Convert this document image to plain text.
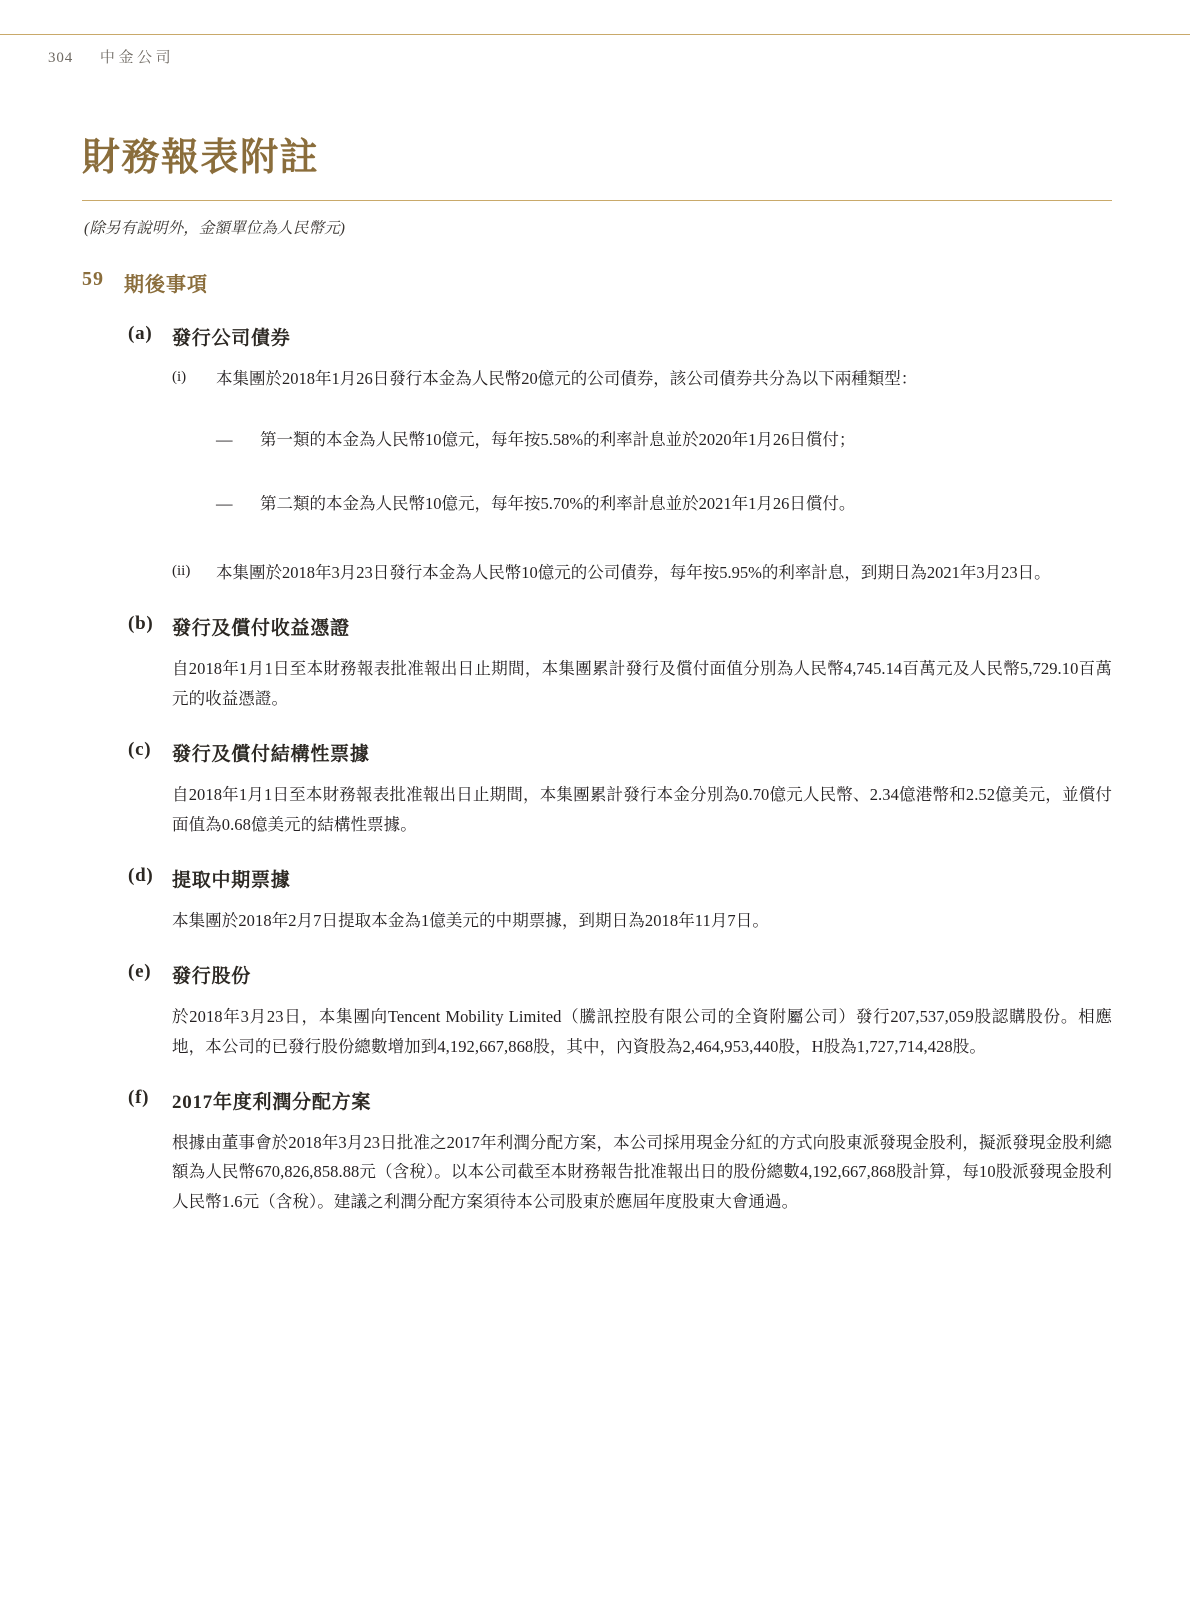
304 中金公司
財務報表附註
(除另有說明外，金額單位為人民幣元)
59	期後事項
(a)	發行公司債券
(i)	本集團於2018年1月26日發行本金為人民幣20億元的公司債券，該公司債券共分為以下兩種類型：
—	第一類的本金為人民幣10億元，每年按5.58%的利率計息並於2020年1月26日償付；
—	第二類的本金為人民幣10億元，每年按5.70%的利率計息並於2021年1月26日償付。
(ii)	本集團於2018年3月23日發行本金為人民幣10億元的公司債券，每年按5.95%的利率計息，到期日為2021年3月23日。
(b) 發行及償付收益憑證
自2018年1月1日至本財務報表批准報出日止期間，本集團累計發行及償付面值分別為人民幣4,745.14百萬元及人民幣5,729.10百萬元的收益憑證。
(c)	發行及償付結構性票據
自2018年1月1日至本財務報表批准報出日止期間，本集團累計發行本金分別為0.70億元人民幣、2.34億港幣和2.52億美元，並償付面值為0.68億美元的結構性票據。
(d) 提取中期票據
本集團於2018年2月7日提取本金為1億美元的中期票據，到期日為2018年11月7日。
(e)	發行股份
於2018年3月23日，本集團向Tencent Mobility Limited（騰訊控股有限公司的全資附屬公司）發行207,537,059股認購股份。相應地，本公司的已發行股份總數增加到4,192,667,868股，其中，內資股為2,464,953,440股，H股為1,727,714,428股。
(f)	2017年度利潤分配方案
根據由董事會於2018年3月23日批准之2017年利潤分配方案，本公司採用現金分紅的方式向股東派發現金股利，擬派發現金股利總額為人民幣670,826,858.88元（含稅）。以本公司截至本財務報告批准報出日的股份總數4,192,667,868股計算，每10股派發現金股利人民幣1.6元（含稅）。建議之利潤分配方案須待本公司股東於應屆年度股東大會通過。
